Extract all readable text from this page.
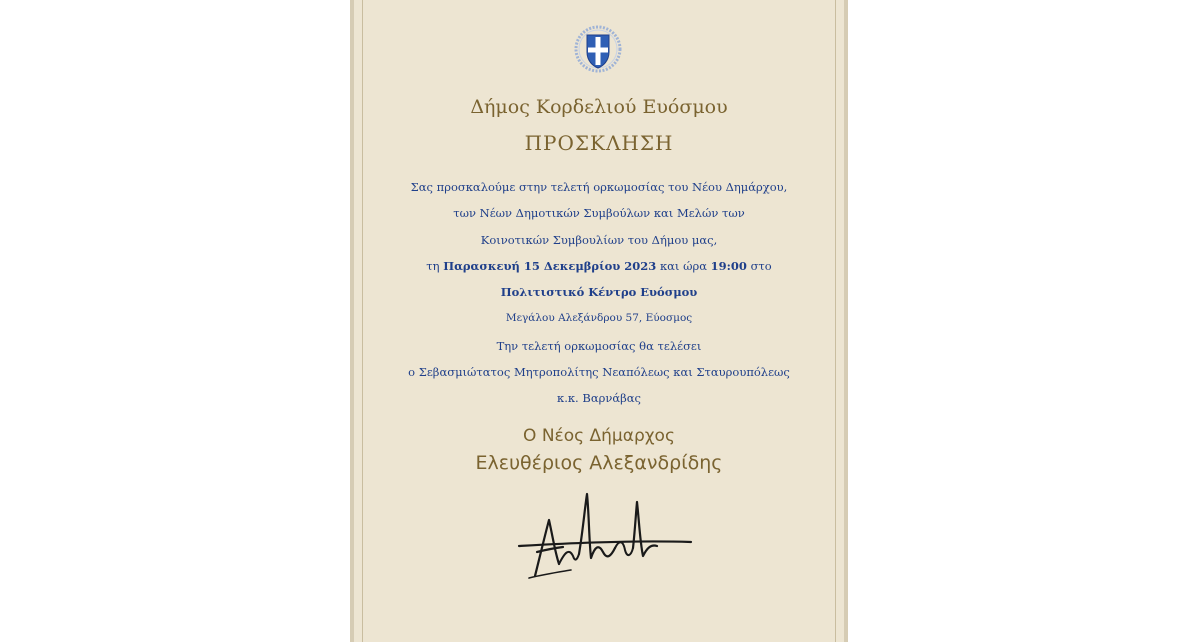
Δήμος Κορδελιού Ευόσμου
ΠΡΟΣΚΛΗΣΗ
Σας προσκαλούμε στην τελετή ορκωμοσίας του Νέου Δημάρχου,
των Νέων Δημοτικών Συμβούλων και Μελών των
Κοινοτικών Συμβουλίων του Δήμου μας,
τη Παρασκευή 15 Δεκεμβρίου 2023 και ώρα 19:00 στο
Πολιτιστικό Κέντρο Ευόσμου
Μεγάλου Αλεξάνδρου 57, Εύοσμος
Την τελετή ορκωμοσίας θα τελέσει
ο Σεβασμιώτατος Μητροπολίτης Νεαπόλεως και Σταυρουπόλεως
κ.κ. Βαρνάβας
Ο Νέος Δήμαρχος
Ελευθέριος Αλεξανδρίδης
